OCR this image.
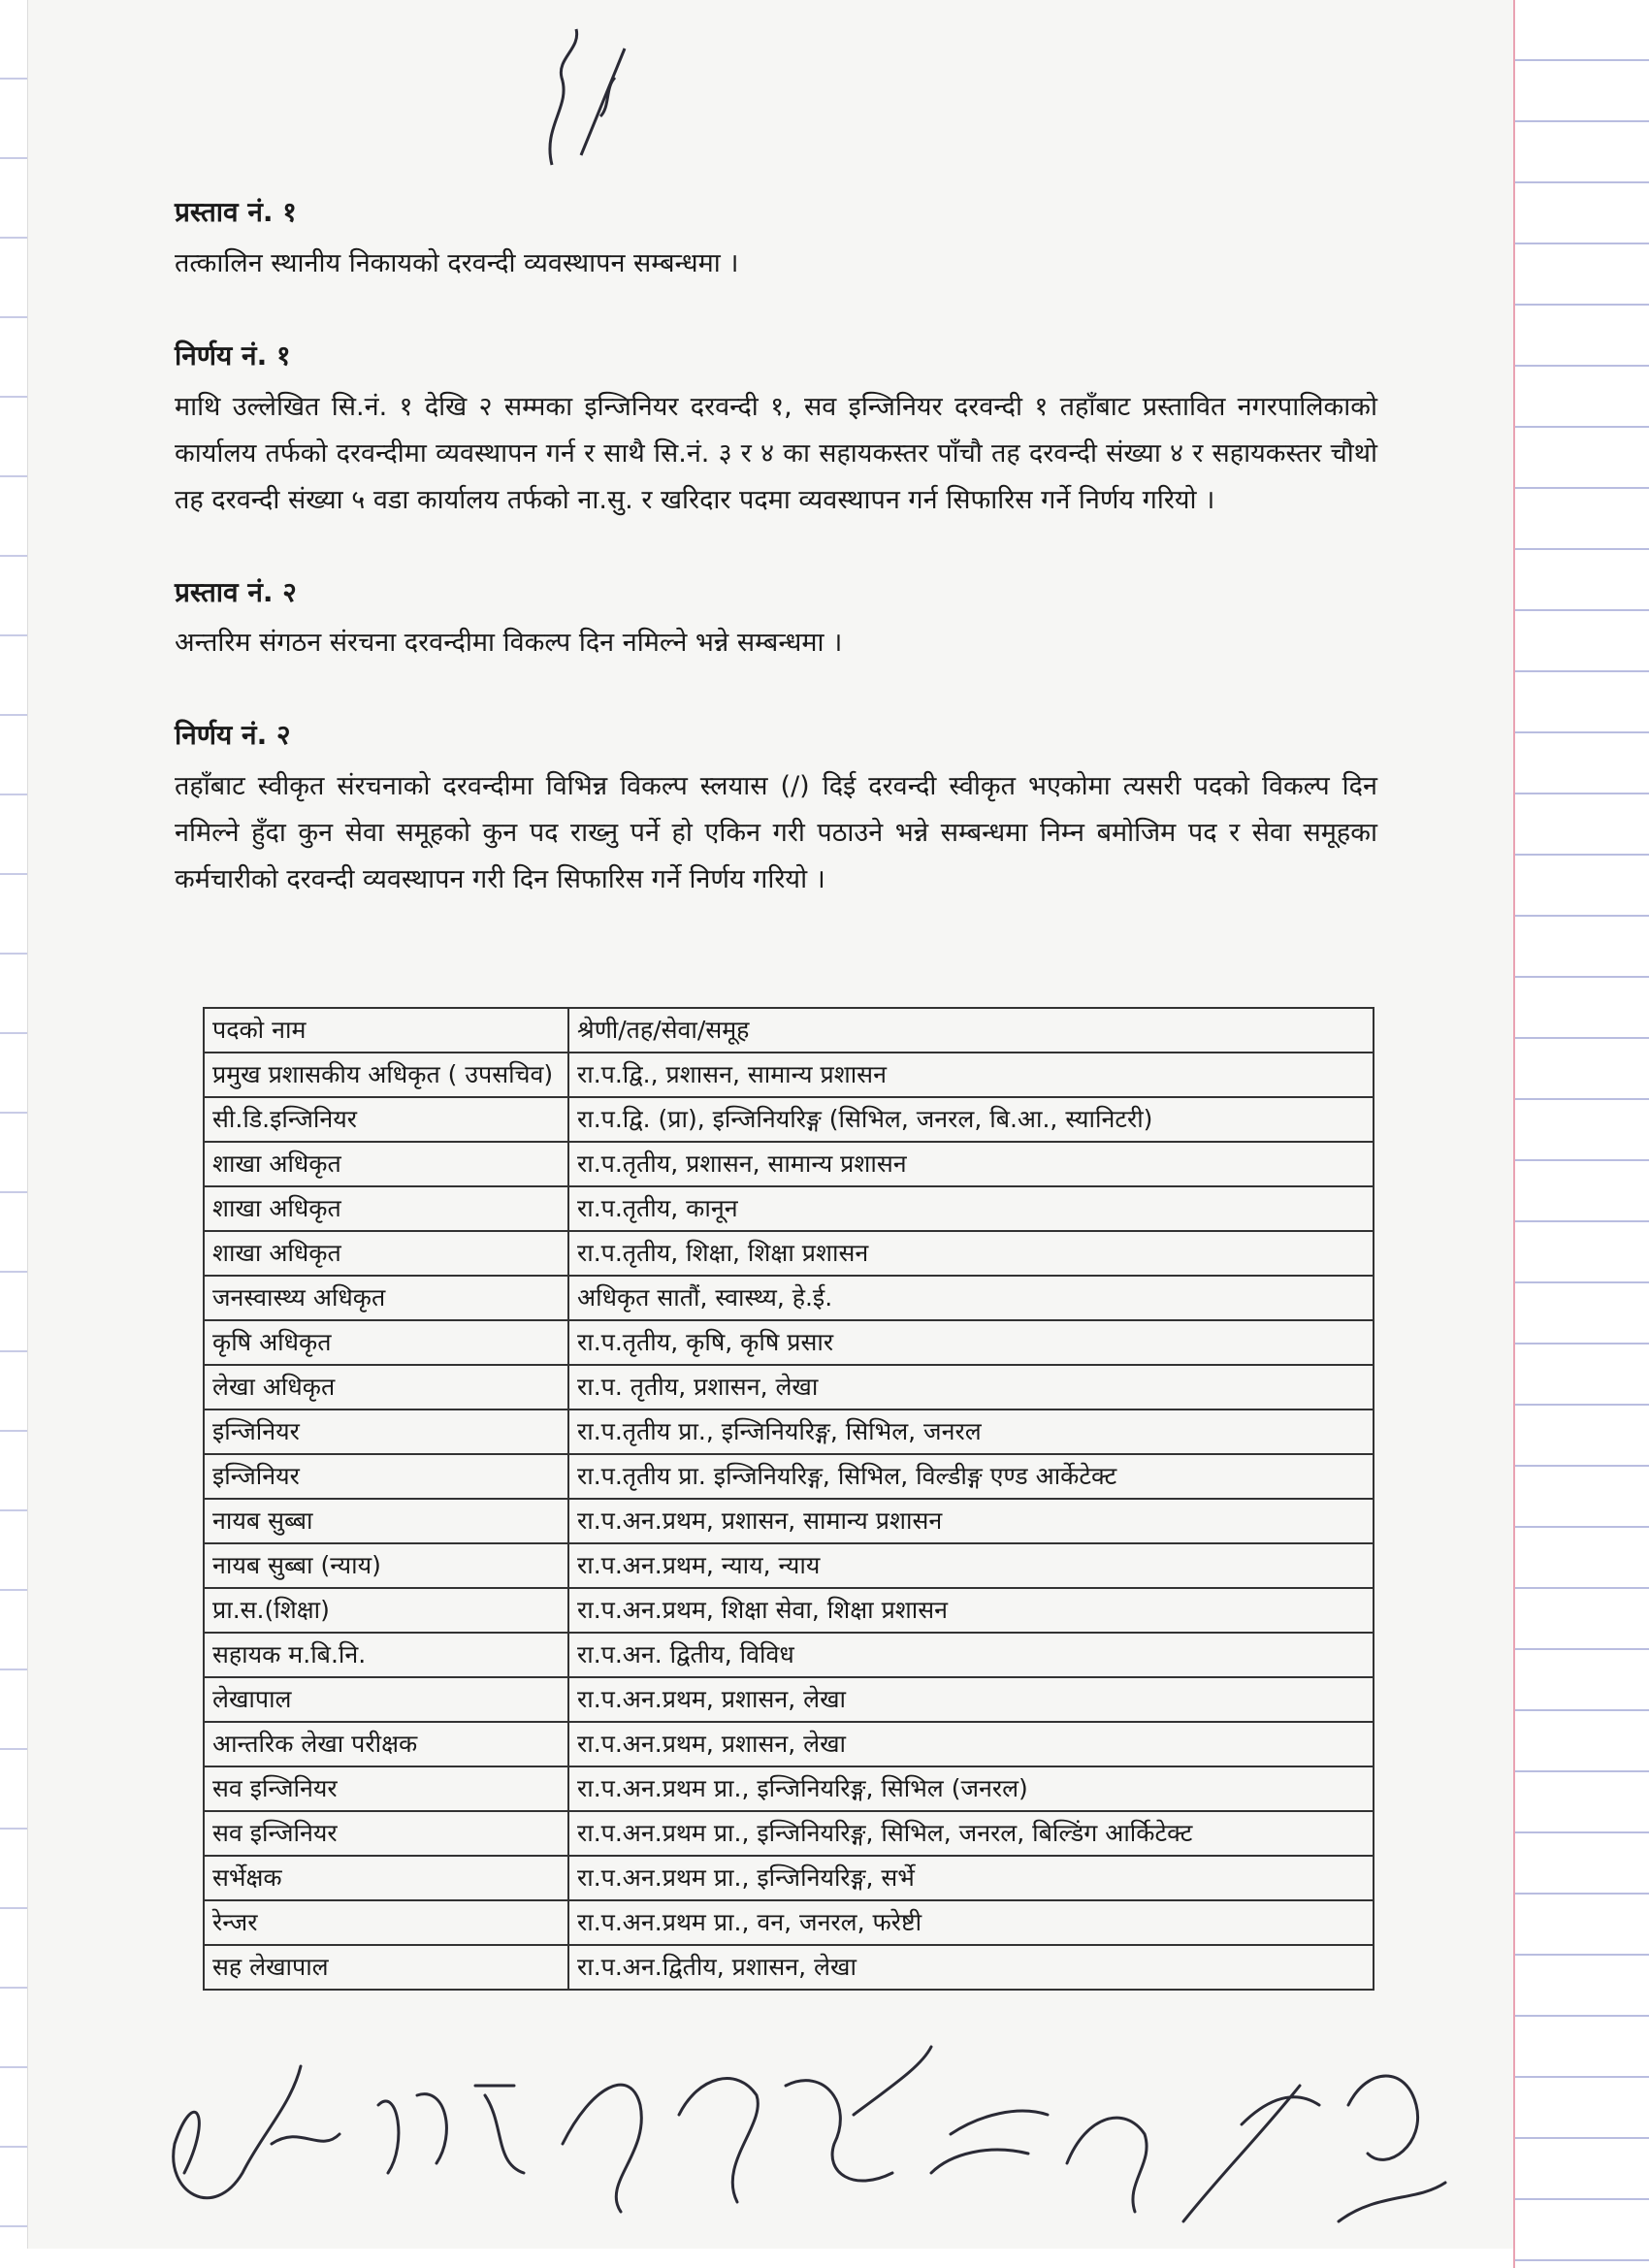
प्रस्ताव नं. १

तत्कालिन स्थानीय निकायको दरवन्दी व्यवस्थापन सम्बन्धमा ।

निर्णय नं. १

माथि उल्लेखित सि.नं. १ देखि २ सम्मका इन्जिनियर दरवन्दी १, सव इन्जिनियर दरवन्दी १ तहाँबाट प्रस्तावित नगरपालिकाको कार्यालय तर्फको दरवन्दीमा व्यवस्थापन गर्न र साथै सि.नं. ३ र ४ का सहायकस्तर पाँचौ तह दरवन्दी संख्या ४ र सहायकस्तर चौथो तह दरवन्दी संख्या ५ वडा कार्यालय तर्फको ना.सु. र खरिदार पदमा व्यवस्थापन गर्न सिफारिस गर्ने निर्णय गरियो ।

प्रस्ताव नं. २

अन्तरिम संगठन संरचना दरवन्दीमा विकल्प दिन नमिल्ने भन्ने सम्बन्धमा ।

निर्णय नं. २

तहाँबाट स्वीकृत संरचनाको दरवन्दीमा विभिन्न विकल्प स्लयास (/) दिई दरवन्दी स्वीकृत भएकोमा त्यसरी पदको विकल्प दिन नमिल्ने हुँदा कुन सेवा समूहको कुन पद राख्नु पर्ने हो एकिन गरी पठाउने भन्ने सम्बन्धमा निम्न बमोजिम पद र सेवा समूहका कर्मचारीको दरवन्दी व्यवस्थापन गरी दिन सिफारिस गर्ने निर्णय गरियो ।

पदको नाम	श्रेणी/तह/सेवा/समूह
प्रमुख प्रशासकीय अधिकृत ( उपसचिव)	रा.प.द्वि., प्रशासन, सामान्य प्रशासन
सी.डि.इन्जिनियर	रा.प.द्वि. (प्रा), इन्जिनियरिङ्ग (सिभिल, जनरल, बि.आ., स्यानिटरी)
शाखा अधिकृत	रा.प.तृतीय, प्रशासन, सामान्य प्रशासन
शाखा अधिकृत	रा.प.तृतीय, कानून
शाखा अधिकृत	रा.प.तृतीय, शिक्षा, शिक्षा प्रशासन
जनस्वास्थ्य अधिकृत	अधिकृत सातौं, स्वास्थ्य, हे.ई.
कृषि अधिकृत	रा.प.तृतीय, कृषि, कृषि प्रसार
लेखा अधिकृत	रा.प. तृतीय, प्रशासन, लेखा
इन्जिनियर	रा.प.तृतीय प्रा., इन्जिनियरिङ्ग, सिभिल, जनरल
इन्जिनियर	रा.प.तृतीय प्रा. इन्जिनियरिङ्ग, सिभिल, विल्डीङ्ग एण्ड आर्केटेक्ट
नायब सुब्बा	रा.प.अन.प्रथम, प्रशासन, सामान्य प्रशासन
नायब सुब्बा (न्याय)	रा.प.अन.प्रथम, न्याय, न्याय
प्रा.स.(शिक्षा)	रा.प.अन.प्रथम, शिक्षा सेवा, शिक्षा प्रशासन
सहायक म.बि.नि.	रा.प.अन. द्वितीय, विविध
लेखापाल	रा.प.अन.प्रथम, प्रशासन, लेखा
आन्तरिक लेखा परीक्षक	रा.प.अन.प्रथम, प्रशासन, लेखा
सव इन्जिनियर	रा.प.अन.प्रथम प्रा., इन्जिनियरिङ्ग, सिभिल (जनरल)
सव इन्जिनियर	रा.प.अन.प्रथम प्रा., इन्जिनियरिङ्ग, सिभिल, जनरल, बिल्डिंग आर्किटेक्ट
सर्भेक्षक	रा.प.अन.प्रथम प्रा., इन्जिनियरिङ्ग, सर्भे
रेन्जर	रा.प.अन.प्रथम प्रा., वन, जनरल, फरेष्टी
सह लेखापाल	रा.प.अन.द्वितीय, प्रशासन, लेखा
